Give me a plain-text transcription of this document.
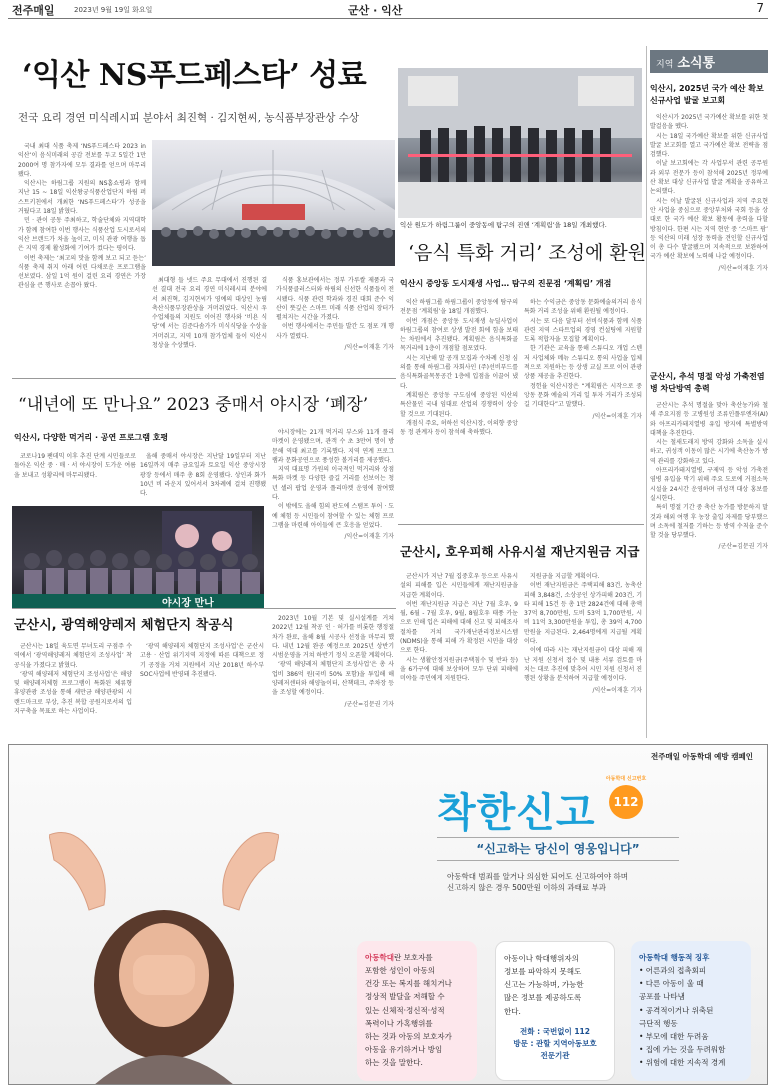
전주매일	2023년 9월 19일 화요일	군산 · 익산	7
‘익산 NS푸드페스타’ 성료
전국 요리 경연 미식레시피 분야서 최진혁 · 김지현씨, 농식품부장관상 수상

국내 최대 식품 축제 ‘NS푸드페스타 2023 in 익산’이 음식미래의 공감 전보를 두고 5일간 1만 2000여 명 참가자에 모두 결과를 얻으며 마무리됐다.

익산시는 하림그룹 지원의 NS홈쇼핑과 함께 지난 15 ~ 18일 익산왕궁식품산업단지 하림 퍼스트키친에서 개최한 ‘NS푸드페스타’가 성공을 거뒀다고 18일 밝혔다.

민 · 관이 공동 주최하고, 학술단체와 지역대학가 함께 참여한 이번 행사는 식품산업 도시로서의 익산 브랜드가 차올 높이고, 미식 관광 여행을 돕은 지역 경제 활성화에 기여가 컸다는 평이다.

이번 축제는 ‘최고의 맛을 함께 보고 되고 듣는’ 식품 축제 취지 아래 어린 다채로운 프로그램을 선보였다. 삼일 1억 원이 걸린 요리 경연은 가장 관심을 큰 행사로 손꼽아 왔다.

최대형 들 넷드 주요 무대에서 진행된 결선 결대 전국 요리 경연 미식레시피 분야에서 최진혁, 김지현씨가 영예의 대상인 농림축산식품부장관상을 거머쥐었다. 익산시 우수업체들의 지원도 이어진 행사와 ‘비욘 식당’에 서는 김준다솜가가 미식식당을 수상을 거머쥐고, 지역 10개 참가업체 들이 익산시청상을 수상했다.

식품 홍보관에서는 정부 가루쌀 제품과 국가식품클러스터와 하림의 신선한 식품들이 전시됐다. 식품 관련 학과와 경진 대회 준수 익산이 뜻깊은 스마트 미래 식품 산업의 장터가 펼쳐지는 시간을 가졌다.

이번 행사에서는 주민들 발간 도 점포 개 행사가 열렸다.

/익산=이재훈 기자
익산 원도가 하림그룹이 중앙동에 탐구의 진앤 ‘계획림’을 18일 개최했다.
‘음식 특화 거리’ 조성에 환원
익산시 중앙동 도시재생 사업… 탐구의 진문점 ‘계획림’ 개점

익산 하림그룹 하림그룹이 중앙동에 탐구의 전문점 ‘계획림’을 18일 개점했다.

이번 개점은 중앙동 도시재생 뉴딜사업이 하림그룹의 참여로 상생 발전 회에 힘을 보태는 차원에서 추진됐다. 계획림은 음식특화골목거리에 1층이 개점할 점포였다.

시는 지난해 말 공개 모집과 수차례 신청 심의를 통해 하림그룹 자회사인 (주)선비푸드를 음식특화골목몽공간 1층에 입점을 이끌어 냈다.

계획림은 중앙동 구도심에 중앙된 익산의 특산물인 국내 임대료 산업의 경쟁력이 상승할 것으로 기대된다.

개점식 주요, 허하선 익산시장, 이의향 중앙동 정 관계자 등이 참석해 축하했다.

하는 수익금은 중앙동 문화예술의거리 음식 특화 거리 조성을 위해 환원될 예정이다.

시는 또 다음 달부터 선비식품과 함께 식품관련 지역 스타트업의 경영 컨설팅에 지원할 도록 적합자을 모집할 계획이다.

한 기관은 교육을 통해 스튜디오 개업 스텐저 사업체와 메뉴 스튜디오 통의 사업을 입체적으로 지원하는 등 상생 교실 프로 이어 관광 상품 제공을 추진한다.

정헌율 익산시장은 “계획림은 시작으로 중앙동 문화 예술의 거리 일 투자 거리가 조성되길 기대한다”고 말했다.

/익산=이재훈 기자
“내년에 또 만나요” 2023 중매서 야시장 ‘폐장’
익산시, 다양한 먹거리 · 공연 프로그램 호평

코로나19 팬데믹 이후 추진 단계 시민들로로 돌아온 익산 중 · 매 · 서 야시장이 도가운 여름을 보내고 성황리에 마무리됐다.

올해 중매서 야시장은 지난달 19일부터 지난 16일까지 매주 금요일과 토요일 익산 중앙시장 광장 등에서 매주 총 8회 운영됐다. 상인과 화가 10년 비 라운지 있어서서 3차례에 걸쳐 진행됐다.

야시장 만나

야시장에는 21개 먹거리 부스와 11개 플리마켓이 운영됐으며, 관객 수 초 3만여 명이 방문해 역대 최고를 기록했다. 지역 연계 프로그램과 문화공연으로 풍성한 볼거리를 제공했다.

지역 대표명 가원의 이국적인 먹거리와 상점 특화 마켓 등 다양한 즐길 거리를 선보이는 청년 셀러 팝업 운영과 플리마켓 운영에 참여했다.

이 밖에도 올해 힘의 판도에 스탬프 투어 · 도예 체험 등 시민들이 참여할 수 있는 체험 프로그램을 마련해 아이들에 큰 호응을 얻었다.

/익산=이재훈 기자
군산시, 광역해양레저 체험단지 착공식

군산시는 18일 육도면 무녀도리 구점주 수역에서 ‘광역해양레저 체험단지 조성사업’ 착공식을 가졌다고 밝혔다.

‘광역 해양레저 체험단지 조성사업’은 해양 및 해양레저체험 프로그램이 특화된 체류형 휴양관광 조성을 통해 새만금 해양관광의 시 랜드마크로 부상, 추진 복합 공원지로서의 입지구축을 목표로 하는 사업이다.

‘광역 해양레저 체험단지 조성사업’은 군산시 고용 · 산업 위기지역 지정에 따른 대책으로 정기 공정을 거쳐 지원에서 지난 2018년 하수부 SOC사업에 반영돼 추진됐다.

2023년 10월 기본 및 실시설계를 거쳐 2022년 12월 착공 인 · 허가를 비롯한 행정절차가 완료, 올해 8월 시공사 선정을 마무리 했다. 내년 12월 완공 예정으로 2025년 상반기 시범운영을 거쳐 하반기 정식 오픈할 계획이다.

‘광역 해양레저 체험단지 조성사업’은 총 사업비 386억 원(국비 50% 포함)을 투입해 해양레저센터와 해양놀이터, 산책데크, 주차장 등을 조성할 예정이다.

/군산=김문권 기자
군산시, 호우피해 사유시설 재난지원금 지급

군산시가 지난 7월 집중호우 등으로 사유시설의 피해를 입은 시민들에게 재난지원금을 지급한 계획이다.

이번 재난지원금 지급은 지난 7월 호우, 9월, 6월 - 7월 호우, 9월, 8월호우 태풍 카눈 으로 인해 입은 피해에 대해 신고 및 피해조사 절차를 거쳐 국가재난관리정보시스템(NDMS)을 통해 피해 가 확정된 시민을 대상으로 한다.

시는 생활안정지원금(주택침수 및 반파 등)을 6가구에 대해 보상하며 모두 단위 피해에 미야들 주민에게 지원한다.

지원금을 지급할 계획이다.

이번 재난지원금은 주택피해 83건, 농축산피해 3,848건, 소상공인 상가피해 203건, 기타 피해 15건 등 총 1만 2824건에 대해 총액 37억 8,700만원, 도비 53억 1,700만원, 시비 11억 3,300만원을 투입, 총 39억 4,700만원을 지급된다. 2,464명에게 지급될 계획이다.

이에 따라 시는 재난지원금이 대상 피해 재난 지원 신청서 접수 및 내용 서류 검토를 마치는 대로 추진에 맞추어 시민 지원 신청서 진행된 상황을 분석하여 지급할 예정이다.

/익산=이재훈 기자
지역 소식통
익산시, 2025년 국가 예산 확보 신규사업 발굴 보고회

익산시가 2025년 국가예산 확보를 위한 첫 발걸음을 뗐다.

시는 18일 국가예산 확보를 위한 신규사업 발굴 보고회를 열고 국가예산 확보 전략을 점검했다.

이날 보고회에는 각 사업부서 관련 공무원과 외부 전문가 등이 참석해 2025년 정부예산 확보 대상 신규사업 발굴 계획을 공유하고 논의했다.

시는 이날 발굴된 신규사업과 지역 주요현안 사업을 중심으로 중앙부처와 국회 등을 상대로 한 국가 예산 확보 활동에 총력을 다할 방침이다. 한편 시는 지역 현안 중 ‘스마트 팜’ 등 익산의 미래 성장 동력을 견인할 신규사업이 총 다수 발굴됐으며 지속적으로 보완하여 국가 예산 확보에 노력해 나갈 예정이다.

/익산=이재훈 기자
군산시, 추석 명절 악성 가축전염병 차단방역 총력

군산시는 추석 명절을 맞아 축산농가와 철새 주요지점 등 고병원성 조류인플루엔자(AI)와 아프리카돼지열병 유입 방지에 특별방역 대책을 추진한다.

시는 철새도래지 방역 강화와 소독을 실시하고, 귀성객 이동이 많은 시기에 축산농가 방역 관리를 강화하고 있다.

아프리카돼지열병, 구제역 등 악성 가축전염병 유입을 막기 위해 주요 도로에 거점소독시설을 24시간 운영하며 귀성객 대상 홍보를 실시한다.

특히 명절 기간 중 축산 농가를 방문하지 말 것과 해외 여행 후 농장 출입 자제를 당부했으며 소독에 철저를 기하는 등 방역 수칙을 준수할 것을 당부했다.

/군산=김문권 기자
전주매일 아동학대 예방 캠페인
착한신고
아동학대 신고번호
112
“신고하는 당신이 영웅입니다”
아동학대 범죄를 알거나 의심한 되어도 신고하여야 하며
신고하지 않은 경우 500만원 이하의 과태료 부과
아동학대란 보호자를
포함한 성인이 아동의
건강 또는 복지를 해치거나
정상적 발달을 저해할 수
있는 신체적·정신적·성적
폭력이나 가혹행위를
하는 것과 아동의 보호자가
아동을 유기하거나 방임
하는 것을 말한다.
아동이나 학대행위자의
정보를 파악하지 못해도
신고는 가능하며, 가능한
많은 정보를 제공하도록
한다.
전화 : 국번없이 112
방문 : 관할 지역아동보호
전문기관
아동학대 행동적 징후
• 어른과의 접촉회피
• 다른 아동이 울 때
공포를 나타냄
• 공격적이거나 위축된
극단적 행동
• 부모에 대한 두려움
• 집에 가는 것을 두려워함
• 위험에 대한 지속적 경계
